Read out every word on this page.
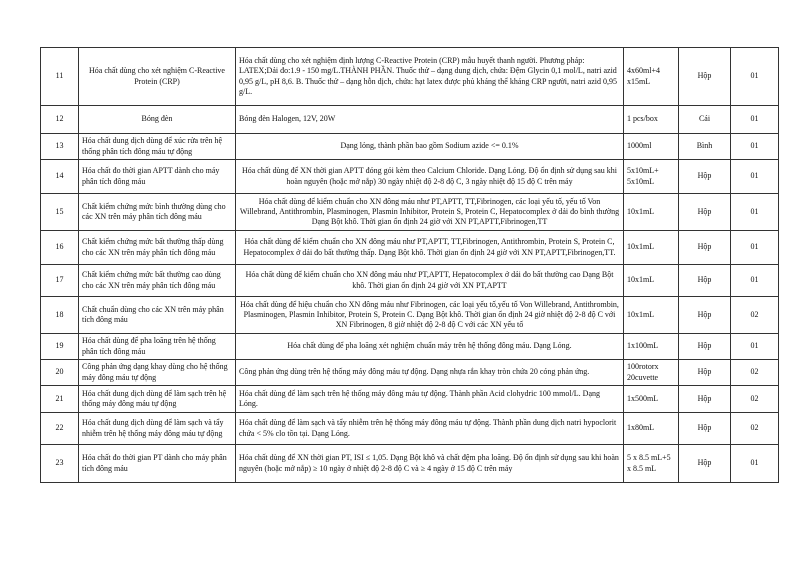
11	Hóa chất dùng cho xét nghiệm C-Reactive Protein (CRP)	Hóa chất dùng cho xét nghiệm định lượng C-Reactive Protein (CRP) mẫu huyết thanh người. Phương pháp: LATEX;Dải đo:1.9 - 150 mg/L.THÀNH PHẦN. Thuốc thử – dạng dung dịch, chứa: Đệm Glycin 0,1 mol/L, natri azid 0,95 g/L, pH 8,6. B. Thuốc thử – dạng hỗn dịch, chứa: hạt latex được phủ kháng thể kháng CRP người, natri azid 0,95 g/L.	4x60ml+4 x15mL	Hộp	01
12	Bóng đèn	Bóng đèn Halogen, 12V, 20W	1 pcs/box	Cái	01
13	Hóa chất dung dịch dùng để xúc rửa trên hệ thống phân tích đông máu tự động	Dạng lỏng, thành phần bao gồm Sodium azide <= 0.1%	1000ml	Bình	01
14	Hóa chất đo thời gian APTT dành cho máy phân tích đông máu	Hóa chất dùng để XN thời gian APTT đóng gói kèm theo Calcium Chloride. Dạng Lỏng. Độ ổn định sử dụng sau khi hoàn nguyên (hoặc mở nắp) 30 ngày nhiệt độ 2-8 độ C, 3 ngày nhiệt độ 15 độ C trên máy	5x10mL+ 5x10mL	Hộp	01
15	Chất kiểm chứng mức bình thường dùng cho các XN trên máy phân tích đông máu	Hóa chất dùng để kiểm chuẩn cho XN đông máu như PT,APTT, TT,Fibrinogen, các loại yếu tố, yếu tố Von Willebrand, Antithrombin, Plasminogen, Plasmin Inhibitor, Protein S, Protein C, Hepatocomplex ở dải đo bình thường Dạng Bột khô. Thời gian ổn định 24 giờ với XN PT,APTT,Fibrinogen,TT	10x1mL	Hộp	01
16	Chất kiểm chứng mức bất thường thấp dùng cho các XN trên máy phân tích đông máu	Hóa chất dùng để kiểm chuẩn cho XN đông máu như PT,APTT, TT,Fibrinogen, Antithrombin, Protein S, Protein C, Hepatocomplex ở dải đo bất thường thấp. Dạng Bột khô. Thời gian ổn định 24 giờ với XN PT,APTT,Fibrinogen,TT.	10x1mL	Hộp	01
17	Chất kiểm chứng mức bất thường cao dùng cho các XN trên máy phân tích đông máu	Hóa chất dùng để kiểm chuẩn cho XN đông máu như PT,APTT, Hepatocomplex ở dải đo bất thường cao Dạng Bột khô. Thời gian ổn định 24 giờ với XN PT,APTT	10x1mL	Hộp	01
18	Chất chuẩn dùng cho các XN trên máy phân tích đông máu	Hóa chất dùng để hiệu chuẩn cho XN đông máu như Fibrinogen, các loại yếu tố,yếu tố Von Willebrand, Antithrombin, Plasminogen, Plasmin Inhibitor, Protein S, Protein C. Dạng Bột khô. Thời gian ổn định 24 giờ nhiệt độ 2-8 độ C với XN Fibrinogen, 8 giờ nhiệt độ 2-8 độ C với các XN yếu tố	10x1mL	Hộp	02
19	Hóa chất dùng để pha loãng trên hệ thống phân tích đông máu	Hóa chất dùng để pha loãng xét nghiệm chuẩn máy trên hệ thống đông máu. Dạng Lỏng.	1x100mL	Hộp	01
20	Công phản ứng dạng khay dùng cho hệ thống máy đông máu tự động	Công phản ứng dùng trên hệ thống máy đông máu tự động. Dạng nhựa rắn khay tròn chứa 20 cóng phản ứng.	100rotorx 20cuvette	Hộp	02
21	Hóa chất dung dịch dùng để làm sạch trên hệ thống máy đông máu tự động	Hóa chất dùng để làm sạch trên hệ thống máy đông máu tự động. Thành phần Acid clohydric 100 mmol/L. Dạng Lỏng.	1x500mL	Hộp	02
22	Hóa chất dung dịch dùng để làm sạch và tẩy nhiễm trên hệ thống máy đông máu tự động	Hóa chất dùng để làm sạch và tẩy nhiễm trên hệ thống máy đông máu tự động. Thành phần dung dịch natri hypoclorit chứa < 5% clo tồn tại. Dạng Lỏng.	1x80mL	Hộp	02
23	Hóa chất đo thời gian PT dành cho máy phân tích đông máu	Hóa chất dùng để XN thời gian PT, ISI ≤ 1,05. Dạng Bột khô và chất đệm pha loãng. Độ ổn định sử dụng sau khi hoàn nguyên (hoặc mở nắp) ≥ 10 ngày ở nhiệt độ 2-8 độ C và ≥ 4 ngày ở 15 độ C trên máy	5 x 8.5 mL+5 x 8.5 mL	Hộp	01
